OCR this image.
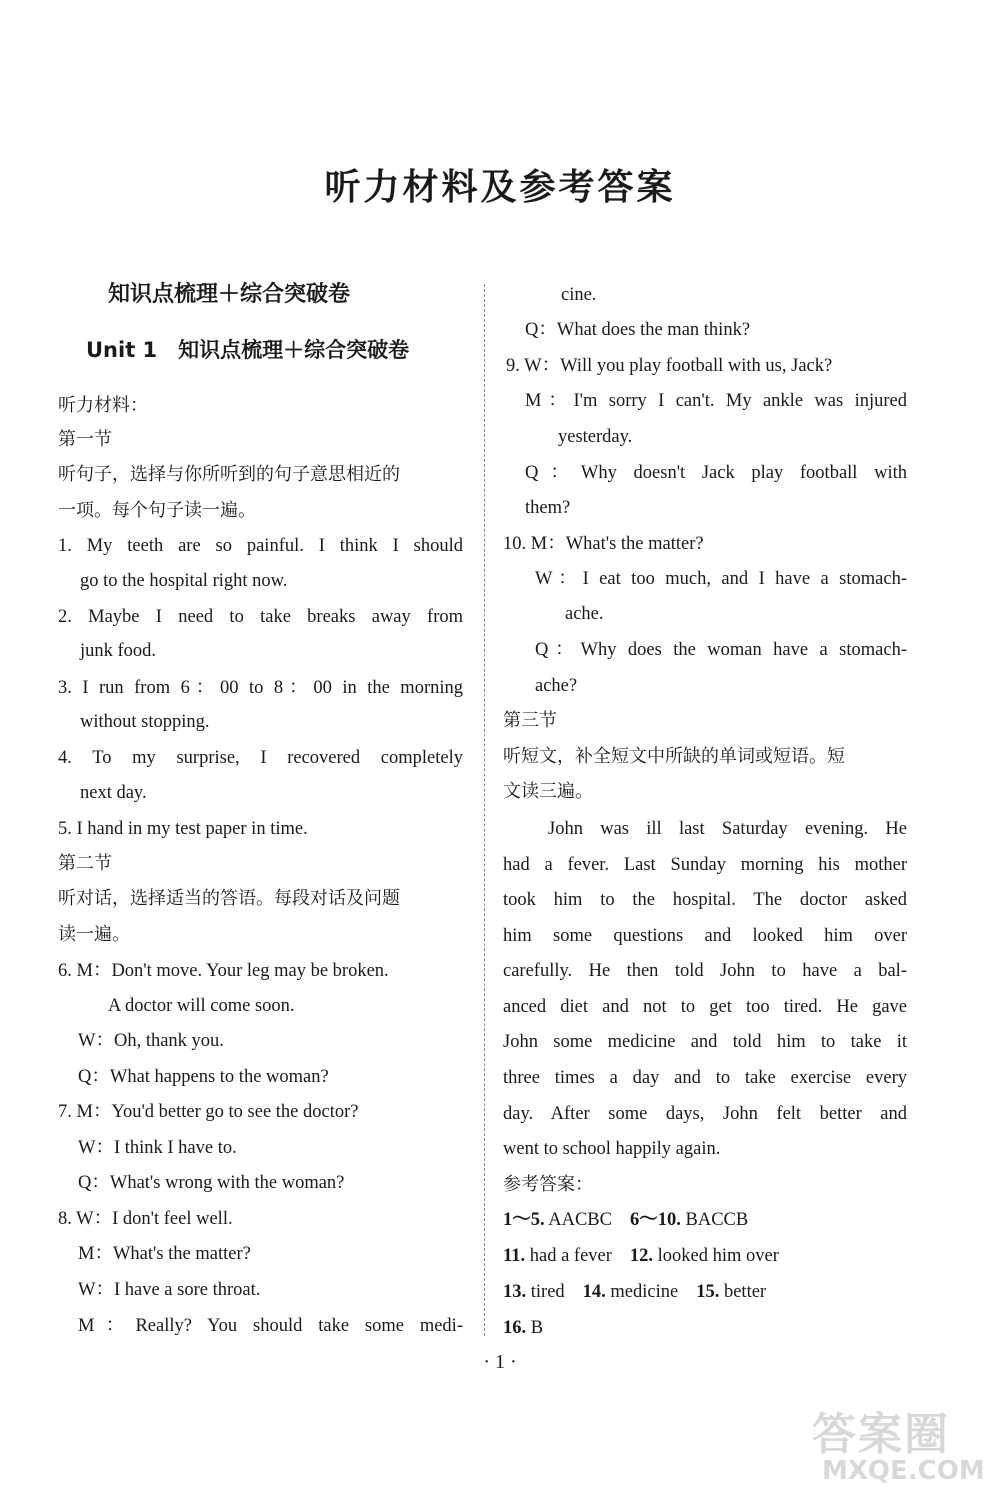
听力材料及参考答案
知识点梳理＋综合突破卷
Unit 1　知识点梳理＋综合突破卷
听力材料：
第一节
听句子，选择与你所听到的句子意思相近的
一项。每个句子读一遍。
1. My teeth are so painful. I think I should
go to the hospital right now.
2. Maybe I need to take breaks away from
junk food.
3. I run from 6：00 to 8：00 in the morning
without stopping.
4. To my surprise, I recovered completely
next day.
5. I hand in my test paper in time.
第二节
听对话，选择适当的答语。每段对话及问题
读一遍。
6. M：Don't move. Your leg may be broken.
A doctor will come soon.
W：Oh, thank you.
Q：What happens to the woman?
7. M：You'd better go to see the doctor?
W：I think I have to.
Q：What's wrong with the woman?
8. W：I don't feel well.
M：What's the matter?
W：I have a sore throat.
M：Really? You should take some medi-
cine.
Q：What does the man think?
9. W：Will you play football with us, Jack?
M：I'm sorry I can't. My ankle was injured
yesterday.
Q：Why doesn't Jack play football with
them?
10. M：What's the matter?
W：I eat too much, and I have a stomach-
ache.
Q：Why does the woman have a stomach-
ache?
第三节
听短文，补全短文中所缺的单词或短语。短
文读三遍。
John was ill last Saturday evening. He
had a fever. Last Sunday morning his mother
took him to the hospital. The doctor asked
him some questions and looked him over
carefully. He then told John to have a bal-
anced diet and not to get too tired. He gave
John some medicine and told him to take it
three times a day and to take exercise every
day. After some days, John felt better and
went to school happily again.
参考答案：
1～5. AACBC 6～10. BACCB
11. had a fever 12. looked him over
13. tired 14. medicine 15. better
16. B
· 1 ·
答案圈
MXQE.COM
